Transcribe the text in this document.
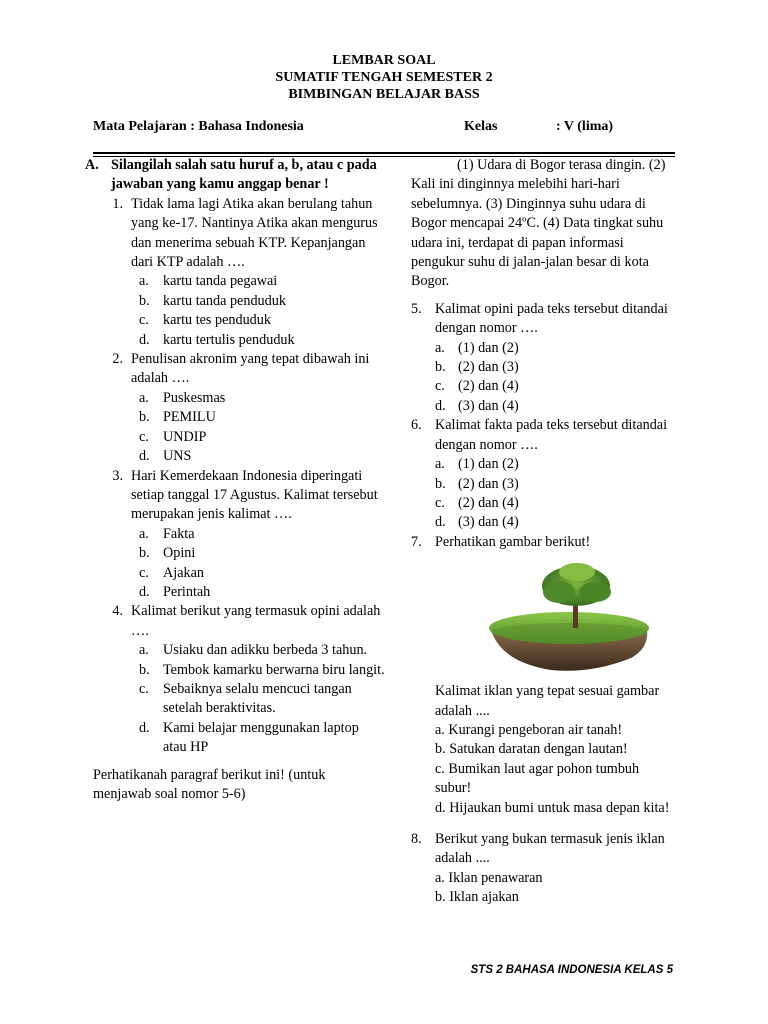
LEMBAR SOAL
SUMATIF TENGAH SEMESTER 2
BIMBINGAN BELAJAR BASS
Mata Pelajaran : Bahasa Indonesia	Kelas	: V (lima)
A. Silangilah salah satu huruf a, b, atau c pada jawaban yang kamu anggap benar !
1. Tidak lama lagi Atika akan berulang tahun yang ke-17. Nantinya Atika akan mengurus dan menerima sebuah KTP. Kepanjangan dari KTP adalah ….
a. kartu tanda pegawai
b. kartu tanda penduduk
c. kartu tes penduduk
d. kartu tertulis penduduk
2. Penulisan akronim yang tepat dibawah ini adalah ….
a. Puskesmas
b. PEMILU
c. UNDIP
d. UNS
3. Hari Kemerdekaan Indonesia diperingati setiap tanggal 17 Agustus. Kalimat tersebut merupakan jenis kalimat ….
a. Fakta
b. Opini
c. Ajakan
d. Perintah
4. Kalimat berikut yang termasuk opini adalah ….
a. Usiaku dan adikku berbeda 3 tahun.
b. Tembok kamarku berwarna biru langit.
c. Sebaiknya selalu mencuci tangan setelah beraktivitas.
d. Kami belajar menggunakan laptop atau HP
Perhatikanah paragraf berikut ini! (untuk menjawab soal nomor 5-6)
(1) Udara di Bogor terasa dingin. (2) Kali ini dinginnya melebihi hari-hari sebelumnya. (3) Dinginnya suhu udara di Bogor mencapai 24ºC. (4) Data tingkat suhu udara ini, terdapat di papan informasi pengukur suhu di jalan-jalan besar di kota Bogor.
5. Kalimat opini pada teks tersebut ditandai dengan nomor ….
a. (1) dan (2)
b. (2) dan (3)
c. (2) dan (4)
d. (3) dan (4)
6. Kalimat fakta pada teks tersebut ditandai dengan nomor ….
a. (1) dan (2)
b. (2) dan (3)
c. (2) dan (4)
d. (3) dan (4)
7. Perhatikan gambar berikut!
Kalimat iklan yang tepat sesuai gambar adalah ....
a. Kurangi pengeboran air tanah!
b. Satukan daratan dengan lautan!
c. Bumikan laut agar pohon tumbuh subur!
d. Hijaukan bumi untuk masa depan kita!
8. Berikut yang bukan termasuk jenis iklan adalah ....
a. Iklan penawaran
b. Iklan ajakan
STS 2 BAHASA INDONESIA KELAS 5
